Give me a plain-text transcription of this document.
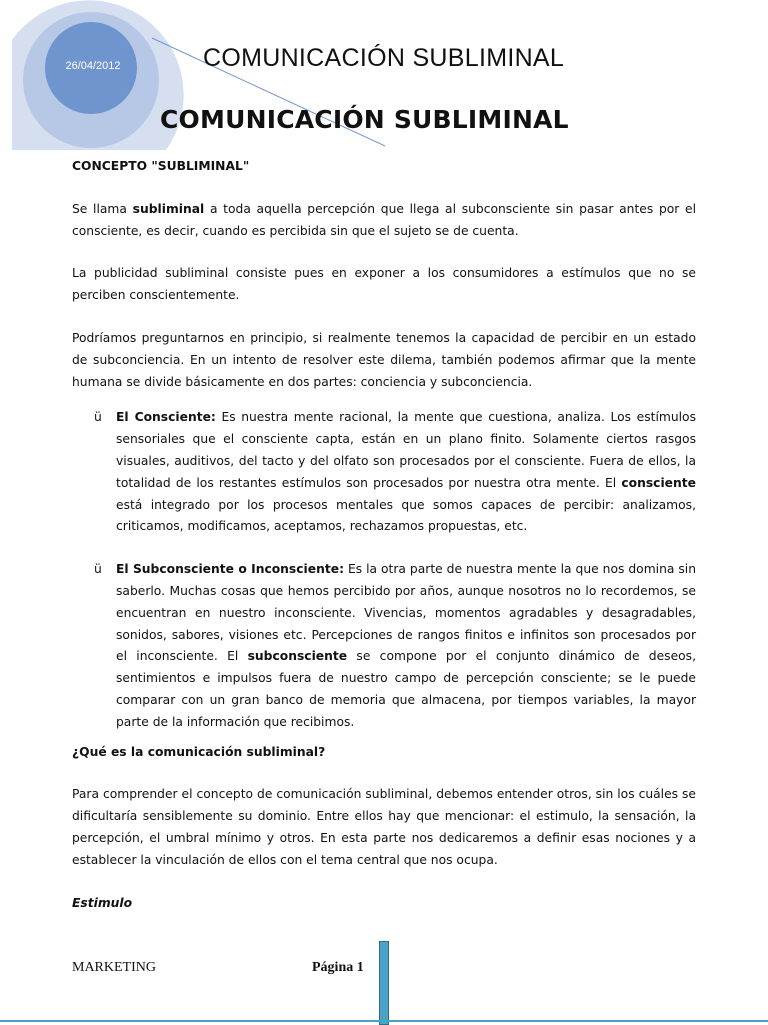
26/04/2012	COMUNICACIÓN SUBLIMINAL
COMUNICACIÓN SUBLIMINAL

CONCEPTO "SUBLIMINAL"

Se llama subliminal a toda aquella percepción que llega al subconsciente sin pasar antes por el consciente, es decir, cuando es percibida sin que el sujeto se de cuenta.

La publicidad subliminal consiste pues en exponer a los consumidores a estímulos que no se perciben conscientemente.

Podríamos preguntarnos en principio, si realmente tenemos la capacidad de percibir en un estado de subconciencia. En un intento de resolver este dilema, también podemos afirmar que la mente humana se divide básicamente en dos partes: conciencia y subconciencia.

ü El Consciente: Es nuestra mente racional, la mente que cuestiona, analiza. Los estímulos sensoriales que el consciente capta, están en un plano finito. Solamente ciertos rasgos visuales, auditivos, del tacto y del olfato son procesados por el consciente. Fuera de ellos, la totalidad de los restantes estímulos son procesados por nuestra otra mente. El consciente está integrado por los procesos mentales que somos capaces de percibir: analizamos, criticamos, modificamos, aceptamos, rechazamos propuestas, etc.

ü El Subconsciente o Inconsciente: Es la otra parte de nuestra mente la que nos domina sin saberlo. Muchas cosas que hemos percibido por años, aunque nosotros no lo recordemos, se encuentran en nuestro inconsciente. Vivencias, momentos agradables y desagradables, sonidos, sabores, visiones etc. Percepciones de rangos finitos e infinitos son procesados por el inconsciente. El subconsciente se compone por el conjunto dinámico de deseos, sentimientos e impulsos fuera de nuestro campo de percepción consciente; se le puede comparar con un gran banco de memoria que almacena, por tiempos variables, la mayor parte de la información que recibimos.

¿Qué es la comunicación subliminal?

Para comprender el concepto de comunicación subliminal, debemos entender otros, sin los cuáles se dificultaría sensiblemente su dominio. Entre ellos hay que mencionar: el estimulo, la sensación, la percepción, el umbral mínimo y otros. En esta parte nos dedicaremos a definir esas nociones y a establecer la vinculación de ellos con el tema central que nos ocupa.

Estimulo

MARKETING	Página 1
